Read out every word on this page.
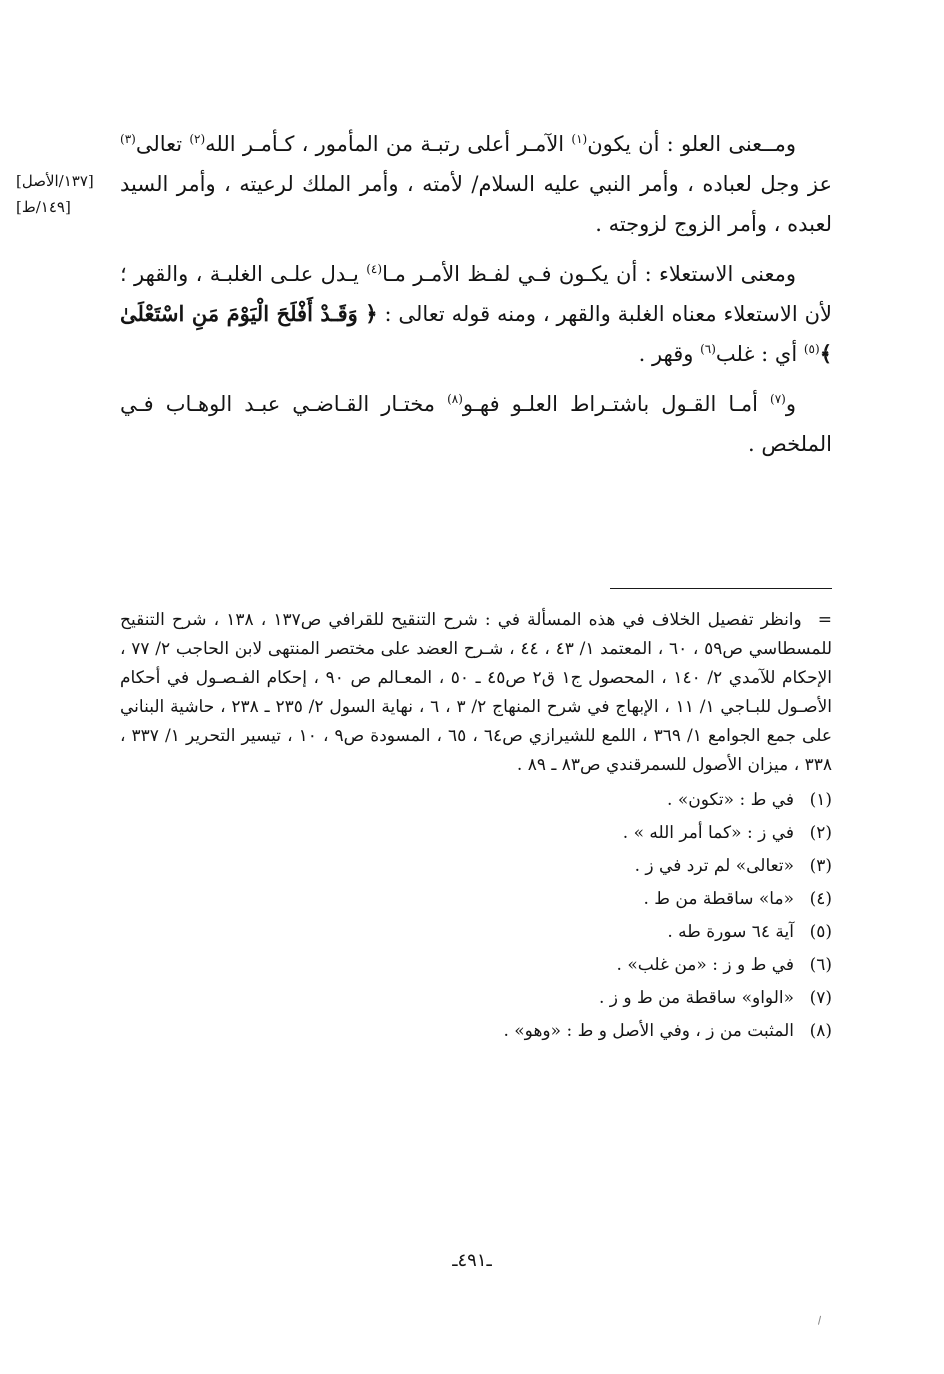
ومــعنى العلو : أن يكون$^{(١)}$ الآمـر أعلى رتبـة من المأمور ، كـأمـر الله$^{(٢)}$ تعالى$^{(٣)}$ عز وجل لعباده ، وأمر النبي عليه السلام/ لأمته ، وأمر الملك لرعيته ، وأمر السيد لعبده ، وأمر الزوج لزوجته .

ومعنى الاستعلاء : أن يكـون فـي لفـظ الأمـر مـا$^{(٤)}$ يـدل علـى الغلبـة ، والقهر ؛ لأن الاستعلاء معناه الغلبة والقهر ، ومنه قوله تعالى : ﴿ وَقَـدْ أَفْلَحَ الْيَوْمَ مَنِ اسْتَعْلَىٰ ﴾$^{(٥)}$ أي : غلب$^{(٦)}$ وقهر .

و$^{(٧)}$ أمـا القـول باشتـراط العلـو فهـو$^{(٨)}$ مختـار القـاضـي عبـد الوهـاب فـي الملخص .

[١٣٧/الأصل]
[١٤٩/ط]

=وانظر تفصيل الخلاف في هذه المسألة في : شرح التنقيح للقرافي ص١٣٧ ، ١٣٨ ، شرح التنقيح للمسطاسي ص٥٩ ، ٦٠ ، المعتمد ١/ ٤٣ ، ٤٤ ، شـرح العضد على مختصر المنتهى لابن الحاجب ٢/ ٧٧ ، الإحكام للآمدي ٢/ ١٤٠ ، المحصول ج١ ق٢ ص٤٥ ـ ٥٠ ، المعـالم ص ٩٠ ، إحكام الفـصـول في أحكام الأصـول للبـاجي ١/ ١١ ، الإبهاج في شرح المنهاج ٢/ ٣ ، ٦ ، نهاية السول ٢/ ٢٣٥ ـ ٢٣٨ ، حاشية البناني على جمع الجوامع ١/ ٣٦٩ ، اللمع للشيرازي ص٦٤ ، ٦٥ ، المسودة ص٩ ، ١٠ ، تيسير التحرير ١/ ٣٣٧ ، ٣٣٨ ، ميزان الأصول للسمرقندي ص٨٣ ـ ٨٩ .

(١)في ط : «تكون» .
(٢)في ز : «كما أمر الله » .
(٣)«تعالى» لم ترد في ز .
(٤)«ما» ساقطة من ط .
(٥)آية ٦٤ سورة طه .
(٦)في ط و ز : «من غلب» .
(٧)«الواو» ساقطة من ط و ز .
(٨)المثبت من ز ، وفي الأصل و ط : «وهو» .
ـ٤٩١ـ
